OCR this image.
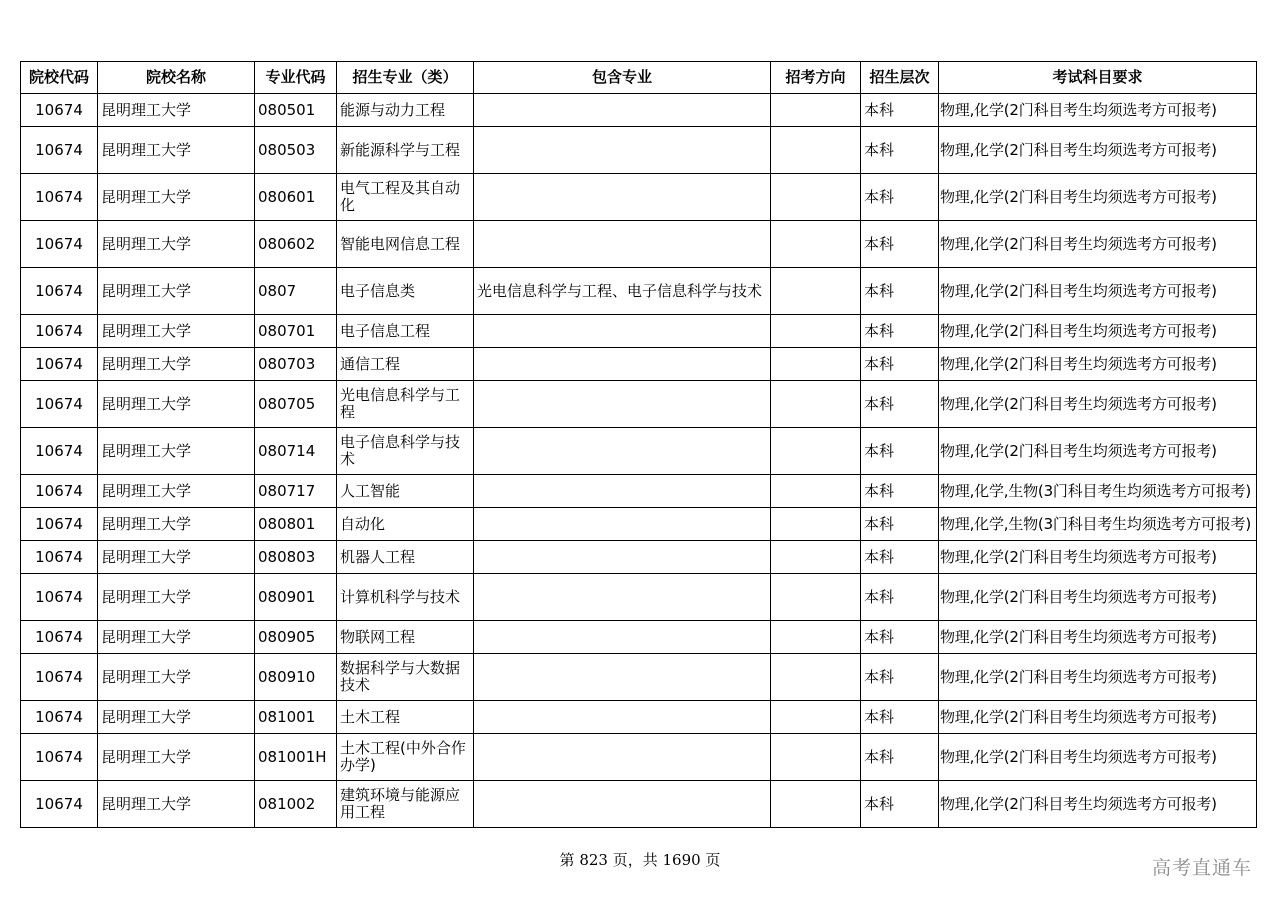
院校代码	院校名称	专业代码	招生专业（类）	包含专业	招考方向	招生层次	考试科目要求
10674	昆明理工大学	080501	能源与动力工程			本科	物理,化学(2门科目考生均须选考方可报考)

10674	昆明理工大学	080503	新能源科学与工程			本科	物理,化学(2门科目考生均须选考方可报考)

10674	昆明理工大学	080601	电气工程及其自动化			本科	物理,化学(2门科目考生均须选考方可报考)

10674	昆明理工大学	080602	智能电网信息工程			本科	物理,化学(2门科目考生均须选考方可报考)

10674	昆明理工大学	0807	电子信息类	光电信息科学与工程、电子信息科学与技术		本科	物理,化学(2门科目考生均须选考方可报考)

10674	昆明理工大学	080701	电子信息工程			本科	物理,化学(2门科目考生均须选考方可报考)

10674	昆明理工大学	080703	通信工程			本科	物理,化学(2门科目考生均须选考方可报考)

10674	昆明理工大学	080705	光电信息科学与工程			本科	物理,化学(2门科目考生均须选考方可报考)

10674	昆明理工大学	080714	电子信息科学与技术			本科	物理,化学(2门科目考生均须选考方可报考)

10674	昆明理工大学	080717	人工智能			本科	物理,化学,生物(3门科目考生均须选考方可报考)

10674	昆明理工大学	080801	自动化			本科	物理,化学,生物(3门科目考生均须选考方可报考)

10674	昆明理工大学	080803	机器人工程			本科	物理,化学(2门科目考生均须选考方可报考)

10674	昆明理工大学	080901	计算机科学与技术			本科	物理,化学(2门科目考生均须选考方可报考)

10674	昆明理工大学	080905	物联网工程			本科	物理,化学(2门科目考生均须选考方可报考)

10674	昆明理工大学	080910	数据科学与大数据技术			本科	物理,化学(2门科目考生均须选考方可报考)

10674	昆明理工大学	081001	土木工程			本科	物理,化学(2门科目考生均须选考方可报考)

10674	昆明理工大学	081001H	土木工程(中外合作办学)			本科	物理,化学(2门科目考生均须选考方可报考)

10674	昆明理工大学	081002	建筑环境与能源应用工程			本科	物理,化学(2门科目考生均须选考方可报考)
第 823 页，共 1690 页	高考直通车
